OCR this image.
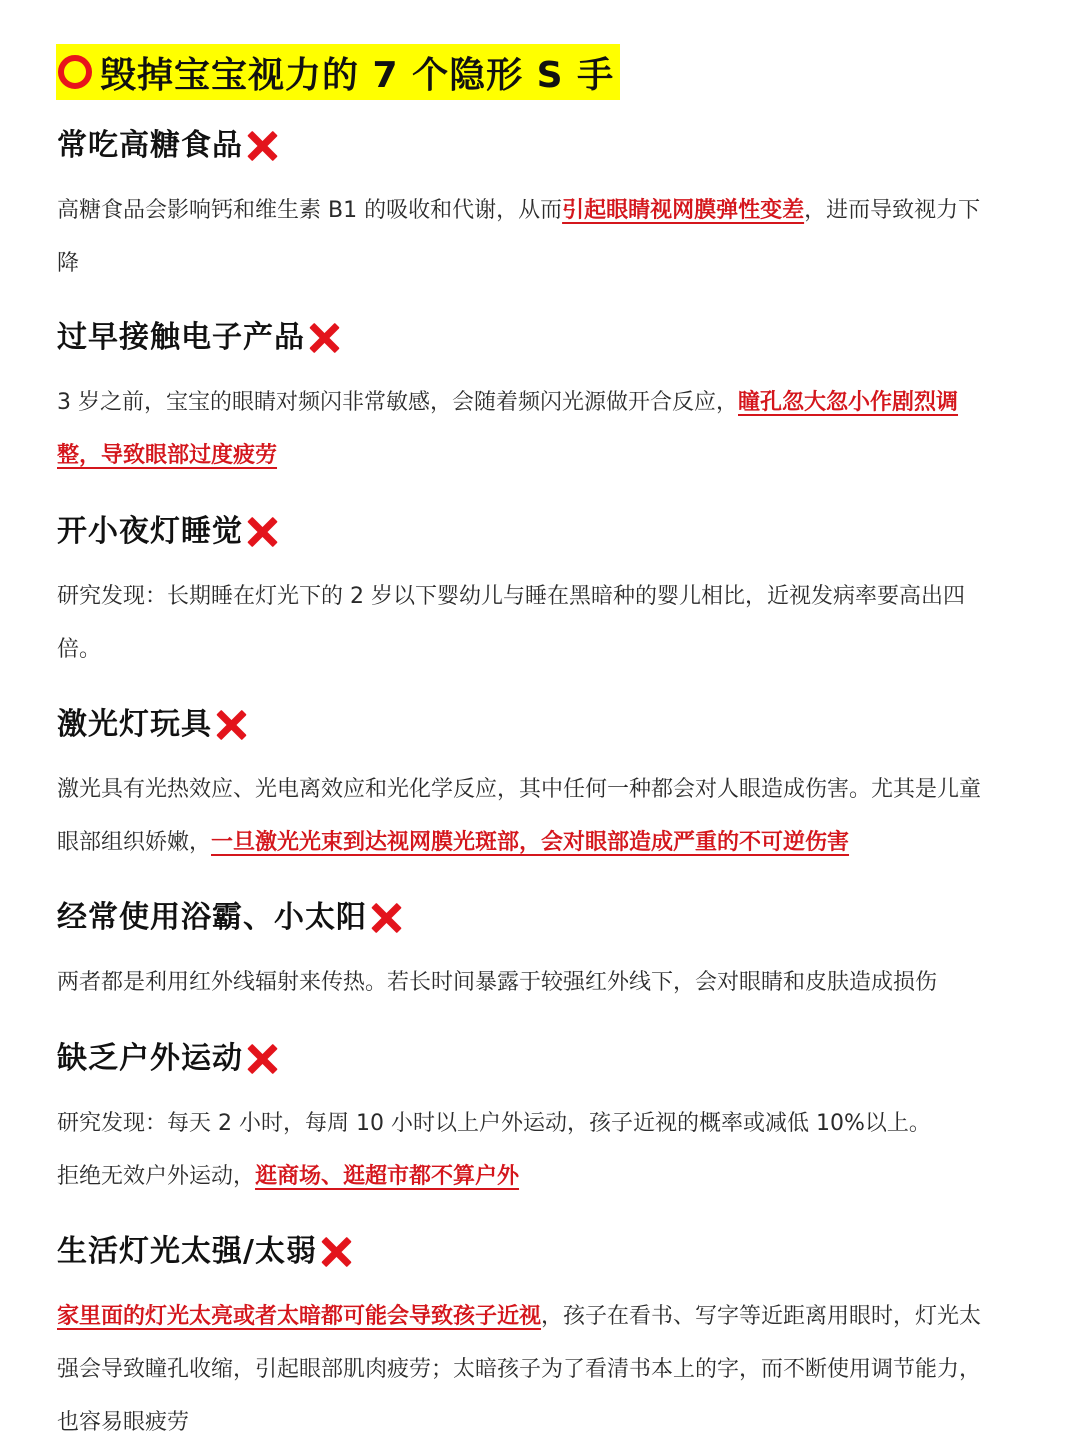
毁掉宝宝视力的 7 个隐形 S 手
常吃高糖食品
高糖食品会影响钙和维生素 B1 的吸收和代谢，从而引起眼睛视网膜弹性变差，进而导致视力下降
过早接触电子产品
3 岁之前，宝宝的眼睛对频闪非常敏感，会随着频闪光源做开合反应，瞳孔忽大忽小作剧烈调整，导致眼部过度疲劳
开小夜灯睡觉
研究发现：长期睡在灯光下的 2 岁以下婴幼儿与睡在黑暗种的婴儿相比，近视发病率要高出四倍。
激光灯玩具
激光具有光热效应、光电离效应和光化学反应，其中任何一种都会对人眼造成伤害。尤其是儿童眼部组织娇嫩，一旦激光光束到达视网膜光斑部，会对眼部造成严重的不可逆伤害
经常使用浴霸、小太阳
两者都是利用红外线辐射来传热。若长时间暴露于较强红外线下，会对眼睛和皮肤造成损伤
缺乏户外运动
研究发现：每天 2 小时，每周 10 小时以上户外运动，孩子近视的概率或减低 10%以上。
拒绝无效户外运动，逛商场、逛超市都不算户外
生活灯光太强/太弱
家里面的灯光太亮或者太暗都可能会导致孩子近视，孩子在看书、写字等近距离用眼时，灯光太强会导致瞳孔收缩，引起眼部肌肉疲劳；太暗孩子为了看清书本上的字，而不断使用调节能力，也容易眼疲劳
